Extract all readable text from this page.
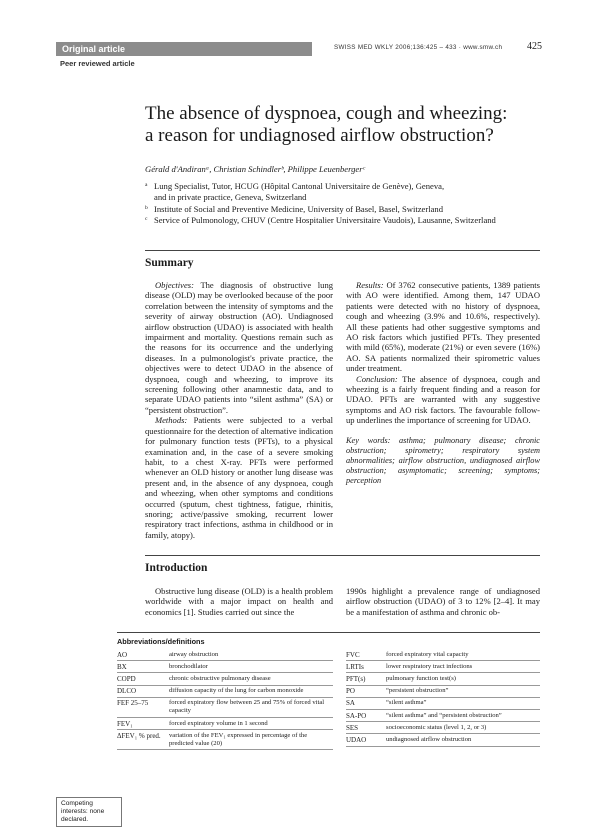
Original article	SWISS MED WKLY 2006;136:425 – 433 · www.smw.ch 425
Peer reviewed article
The absence of dyspnoea, cough and wheezing:
a reason for undiagnosed airflow obstruction?
Gérald d'Andiranᵃ, Christian Schindlerᵇ, Philippe Leuenbergerᶜ
a Lung Specialist, Tutor, HCUG (Hôpital Cantonal Universitaire de Genève), Geneva,
and in private practice, Geneva, Switzerland
b Institute of Social and Preventive Medicine, University of Basel, Basel, Switzerland
c Service of Pulmonology, CHUV (Centre Hospitalier Universitaire Vaudois), Lausanne, Switzerland
Summary

Objectives: The diagnosis of obstructive lung disease (OLD) may be overlooked because of the poor correlation between the intensity of symptoms and the severity of airway obstruction (AO). Undiagnosed airflow obstruction (UDAO) is associated with health impairment and mortality. Questions remain such as the reasons for its occurrence and the underlying diseases. In a pulmonologist's private practice, the objectives were to detect UDAO in the absence of dyspnoea, cough and wheezing, to improve its screening following other anamnestic data, and to separate UDAO patients into “silent asthma” (SA) or “persistent obstruction”.

Methods: Patients were subjected to a verbal questionnaire for the detection of alternative indication for pulmonary function tests (PFTs), to a physical examination and, in the case of a severe smoking habit, to a chest X-ray. PFTs were performed whenever an OLD history or another lung disease was present and, in the absence of any dyspnoea, cough and wheezing, when other symptoms and conditions occurred (sputum, chest tightness, fatigue, rhinitis, snoring; active/passive smoking, recurrent lower respiratory tract infections, asthma in childhood or in family, atopy).

Results: Of 3762 consecutive patients, 1389 patients with AO were identified. Among them, 147 UDAO patients were detected with no history of dyspnoea, cough and wheezing (3.9% and 10.6%, respectively). All these patients had other suggestive symptoms and AO risk factors which justified PFTs. They presented with mild (65%), moderate (21%) or even severe (16%) AO. SA patients normalized their spirometric values under treatment.

Conclusion: The absence of dyspnoea, cough and wheezing is a fairly frequent finding and a reason for UDAO. PFTs are warranted with any suggestive symptoms and AO risk factors. The favourable follow-up underlines the importance of screening for UDAO.

Key words: asthma; pulmonary disease; chronic obstruction; spirometry; respiratory system abnormalities; airflow obstruction, undiagnosed airflow obstruction; asymptomatic; screening; symptoms; perception

Introduction

Obstructive lung disease (OLD) is a health problem worldwide with a major impact on health and economics [1]. Studies carried out since the

1990s highlight a prevalence range of undiagnosed airflow obstruction (UDAO) of 3 to 12% [2–4]. It may be a manifestation of asthma and chronic ob-

Abbreviations/definitions
AO	airway obstruction
BX	bronchodilator
COPD	chronic obstructive pulmonary disease
DLCO	diffusion capacity of the lung for carbon monoxide
FEF 25–75	forced expiratory flow between 25 and 75% of forced vital capacity
FEV₁	forced expiratory volume in 1 second
ΔFEV₁ % pred.	variation of the FEV₁ expressed in percentage of the predicted value (20)
FVC	forced expiratory vital capacity
LRTIs	lower respiratory tract infections
PFT(s)	pulmonary function test(s)
PO	“persistent obstruction”
SA	“silent asthma”
SA-PO	“silent asthma” and “persistent obstruction”
SES	socioeconomic status (level 1, 2, or 3)
UDAO	undiagnosed airflow obstruction
Competing interests: none declared.
